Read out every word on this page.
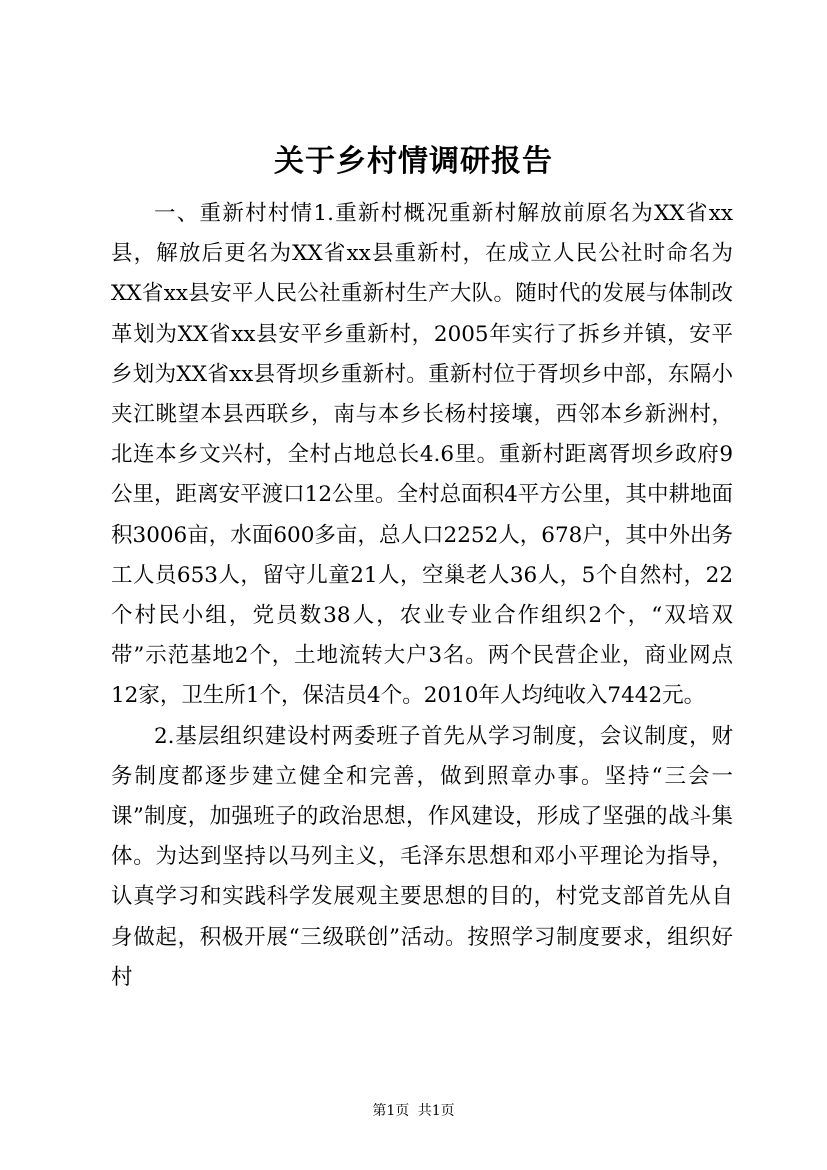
关于乡村情调研报告

一、重新村村情1.重新村概况重新村解放前原名为XX省xx县，解放后更名为XX省xx县重新村，在成立人民公社时命名为XX省xx县安平人民公社重新村生产大队。随时代的发展与体制改革划为XX省xx县安平乡重新村，2005年实行了拆乡并镇，安平乡划为XX省xx县胥坝乡重新村。重新村位于胥坝乡中部，东隔小夹江眺望本县西联乡，南与本乡长杨村接壤，西邻本乡新洲村，北连本乡文兴村，全村占地总长4.6里。重新村距离胥坝乡政府9公里，距离安平渡口12公里。全村总面积4平方公里，其中耕地面积3006亩，水面600多亩，总人口2252人，678户，其中外出务工人员653人，留守儿童21人，空巢老人36人，5个自然村，22个村民小组，党员数38人，农业专业合作组织2个，“双培双带”示范基地2个，土地流转大户3名。两个民营企业，商业网点12家，卫生所1个，保洁员4个。2010年人均纯收入7442元。

2.基层组织建设村两委班子首先从学习制度，会议制度，财务制度都逐步建立健全和完善，做到照章办事。坚持“三会一课”制度，加强班子的政治思想，作风建设，形成了坚强的战斗集体。为达到坚持以马列主义，毛泽东思想和邓小平理论为指导，认真学习和实践科学发展观主要思想的目的，村党支部首先从自身做起，积极开展“三级联创”活动。按照学习制度要求，组织好村

第1页 共1页
